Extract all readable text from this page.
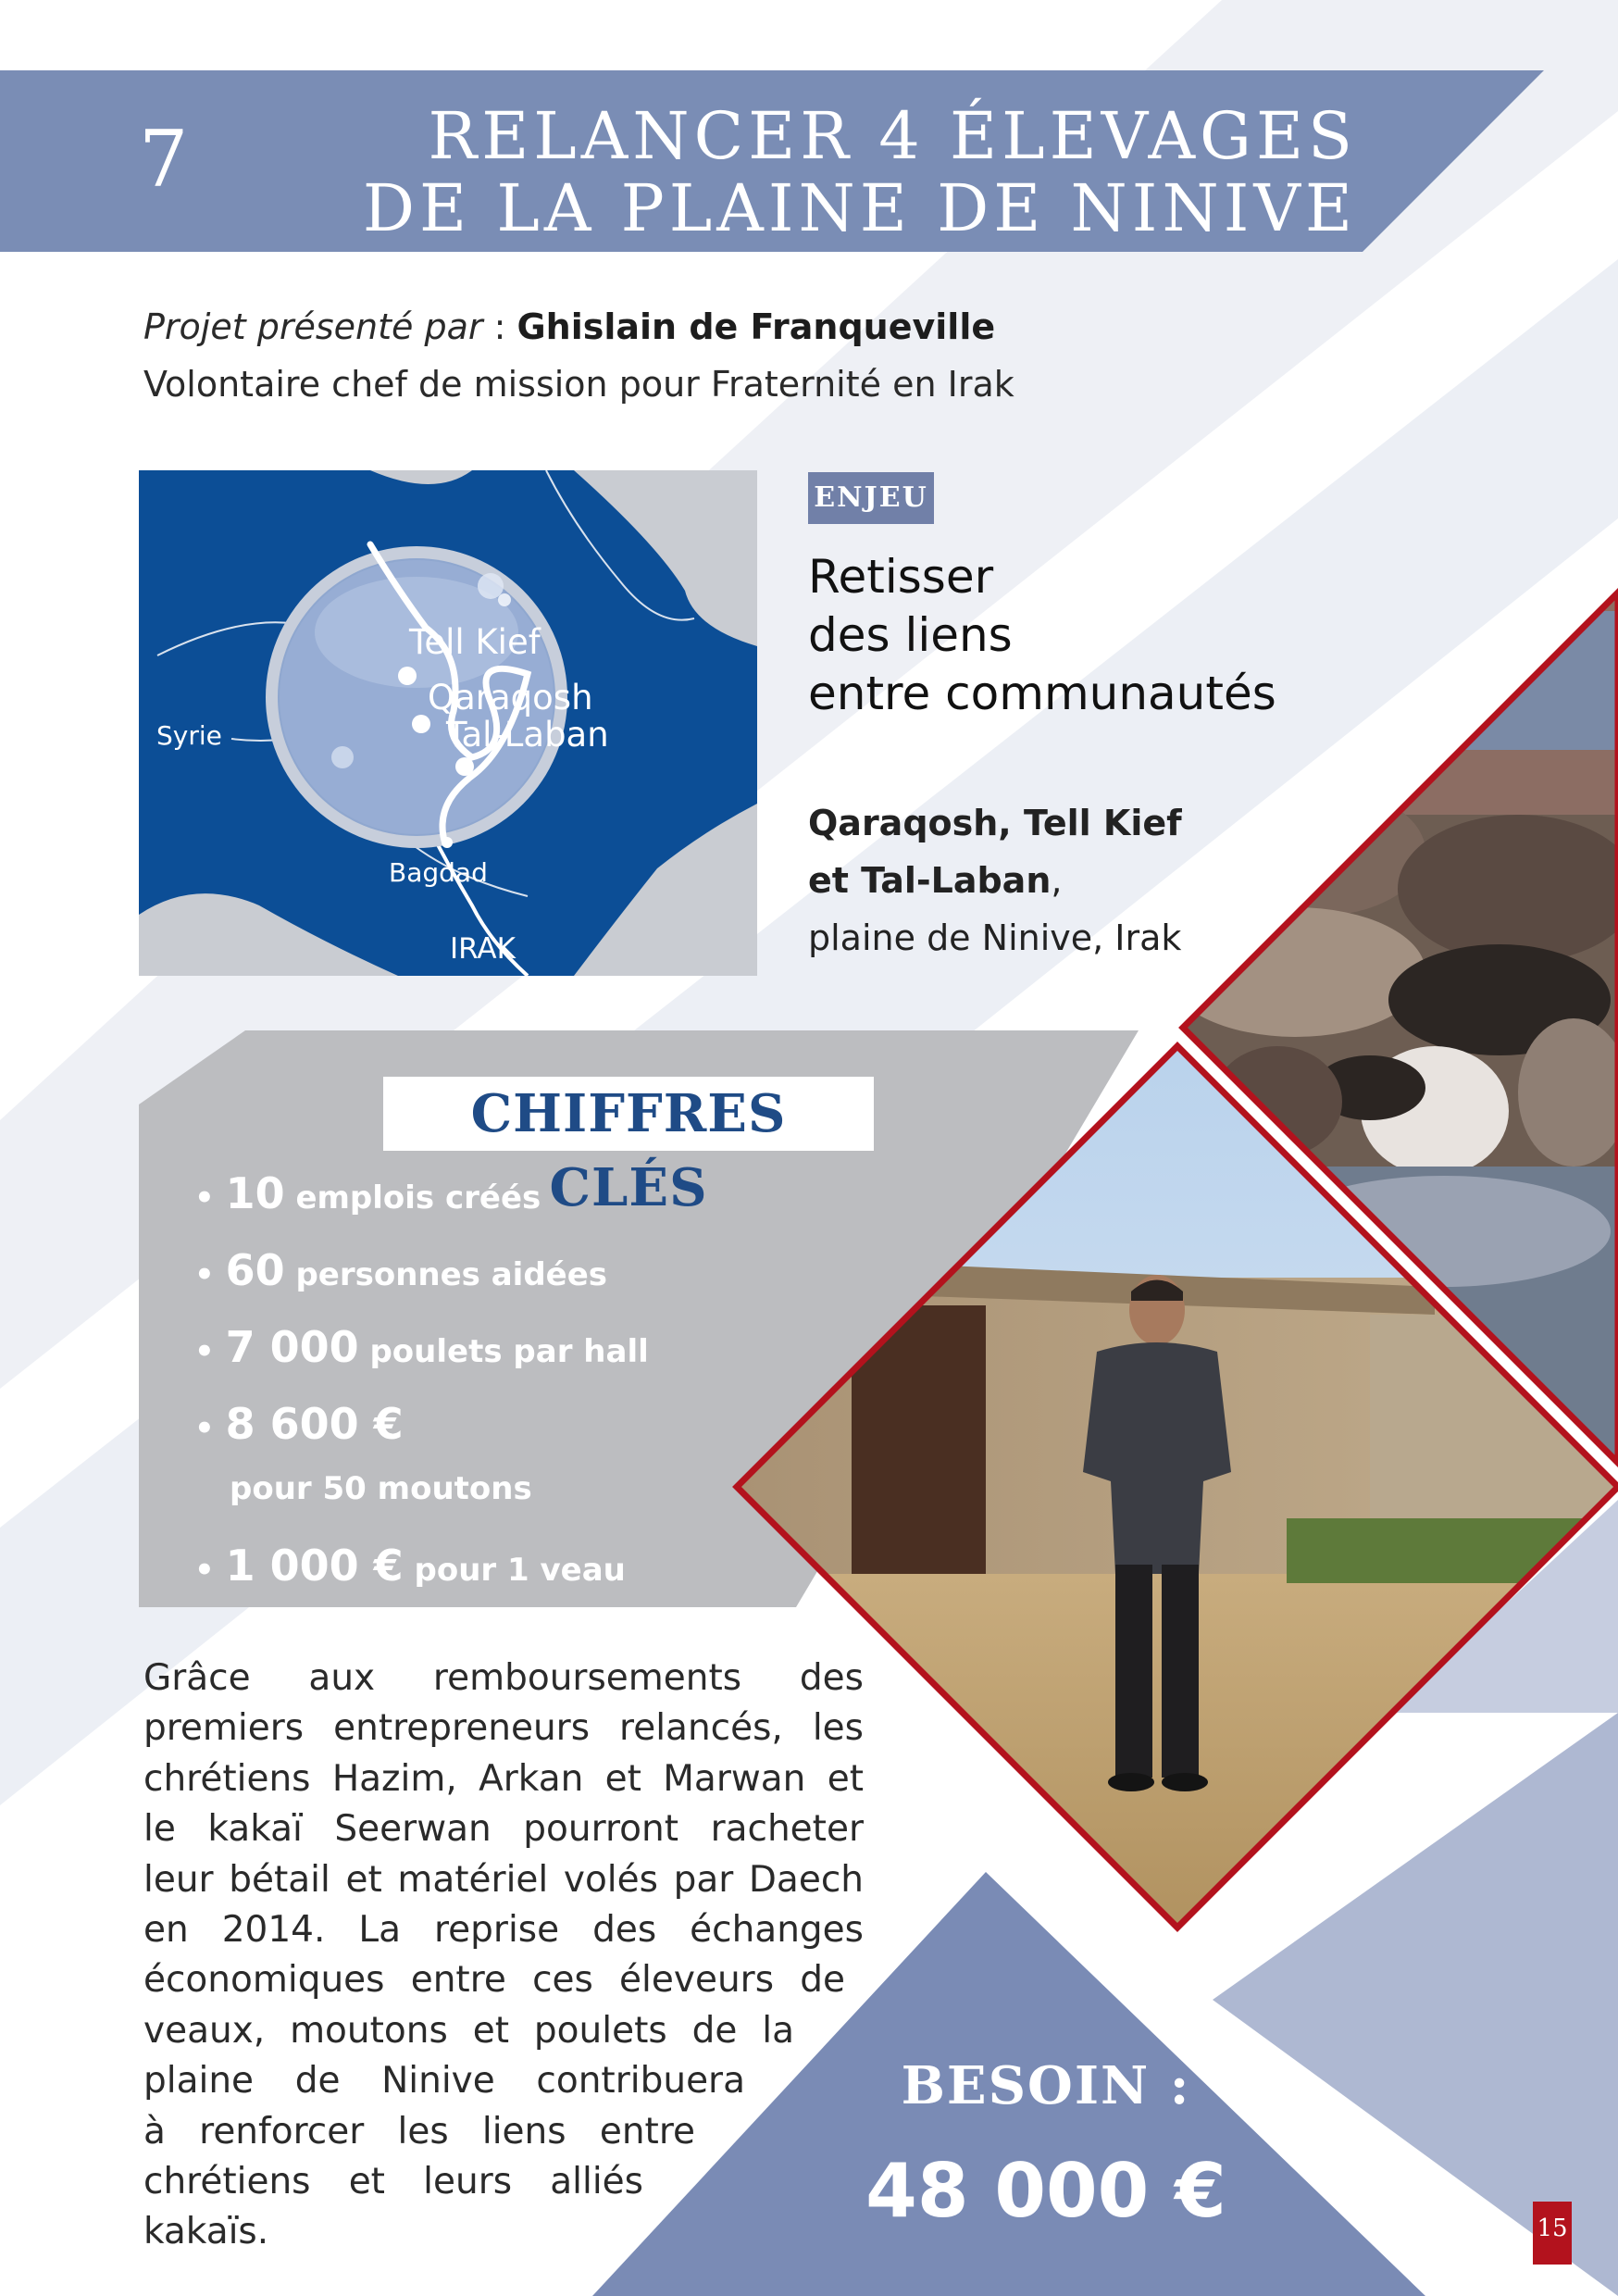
7	RELANCER 4 ÉLEVAGES
DE LA PLAINE DE NINIVE
Projet présenté par : Ghislain de Franqueville
Volontaire chef de mission pour Fraternité en Irak
Tell Kief
Qaraqosh
Tal-Laban
Syrie
Bagdad
IRAK
ENJEU
Retisser
des liens
entre communautés
Qaraqosh, Tell Kief
et Tal-Laban,
plaine de Ninive, Irak
CHIFFRES CLÉS
• 10 emplois créés
• 60 personnes aidées
• 7 000 poulets par hall
• 8 600 €
pour 50 moutons
• 1 000 € pour 1 veau
Grâce aux remboursements des
premiers entrepreneurs relancés, les
chrétiens Hazim, Arkan et Marwan et
le kakaï Seerwan pourront racheter
leur bétail et matériel volés par Daech
en 2014. La reprise des échanges
économiques entre ces éleveurs de
veaux, moutons et poulets de la
plaine de Ninive contribuera
à renforcer les liens entre
chrétiens et leurs alliés
kakaïs.
BESOIN :
48 000 €	15
